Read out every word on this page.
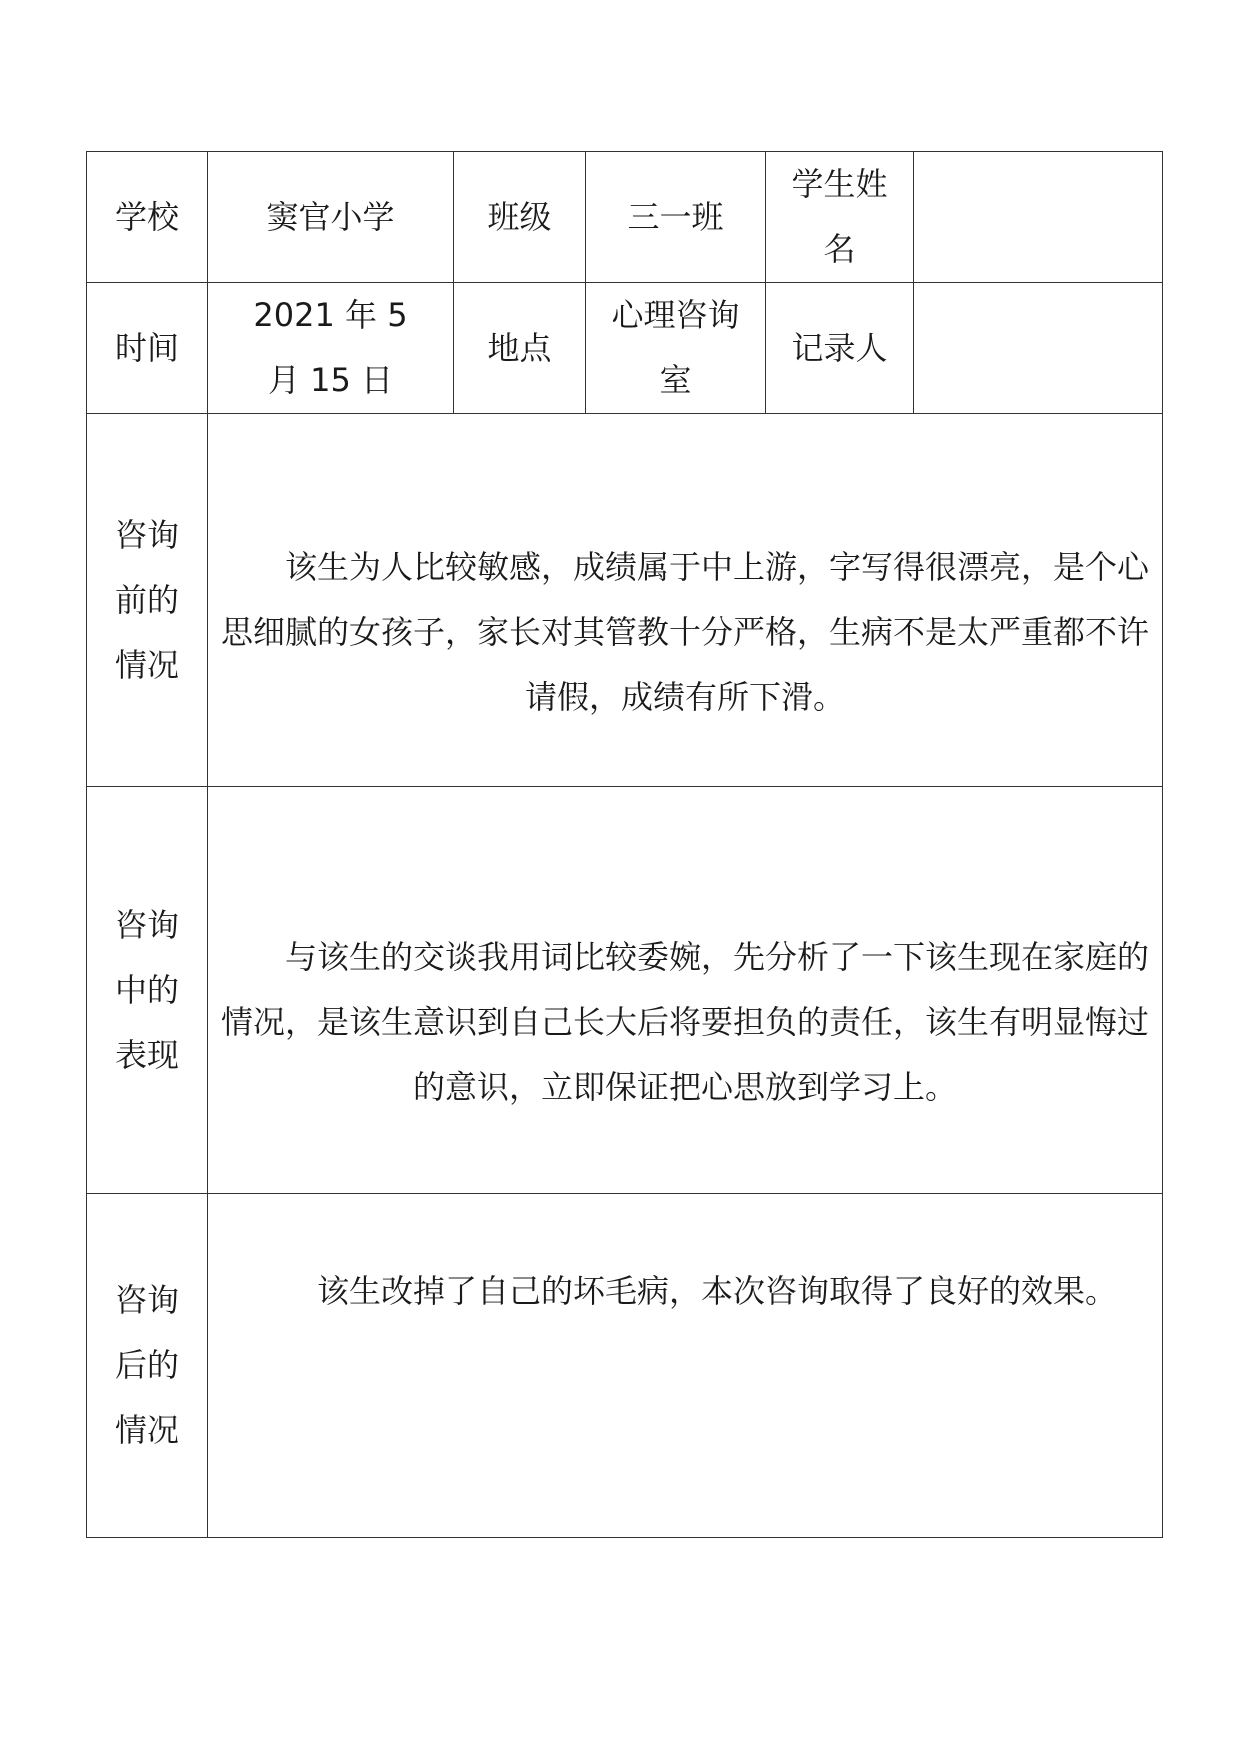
学校	窦官小学	班级	三一班	学生姓名	

时间	2021 年 5 月 15 日	地点	心理咨询室	记录人	

咨询前的情况	该生为人比较敏感，成绩属于中上游，字写得很漂亮，是个心思细腻的女孩子，家长对其管教十分严格，生病不是太严重都不许请假，成绩有所下滑。				

咨询中的表现	与该生的交谈我用词比较委婉，先分析了一下该生现在家庭的情况，是该生意识到自己长大后将要担负的责任，该生有明显悔过的意识，立即保证把心思放到学习上。				

咨询后的情况	该生改掉了自己的坏毛病，本次咨询取得了良好的效果。				
